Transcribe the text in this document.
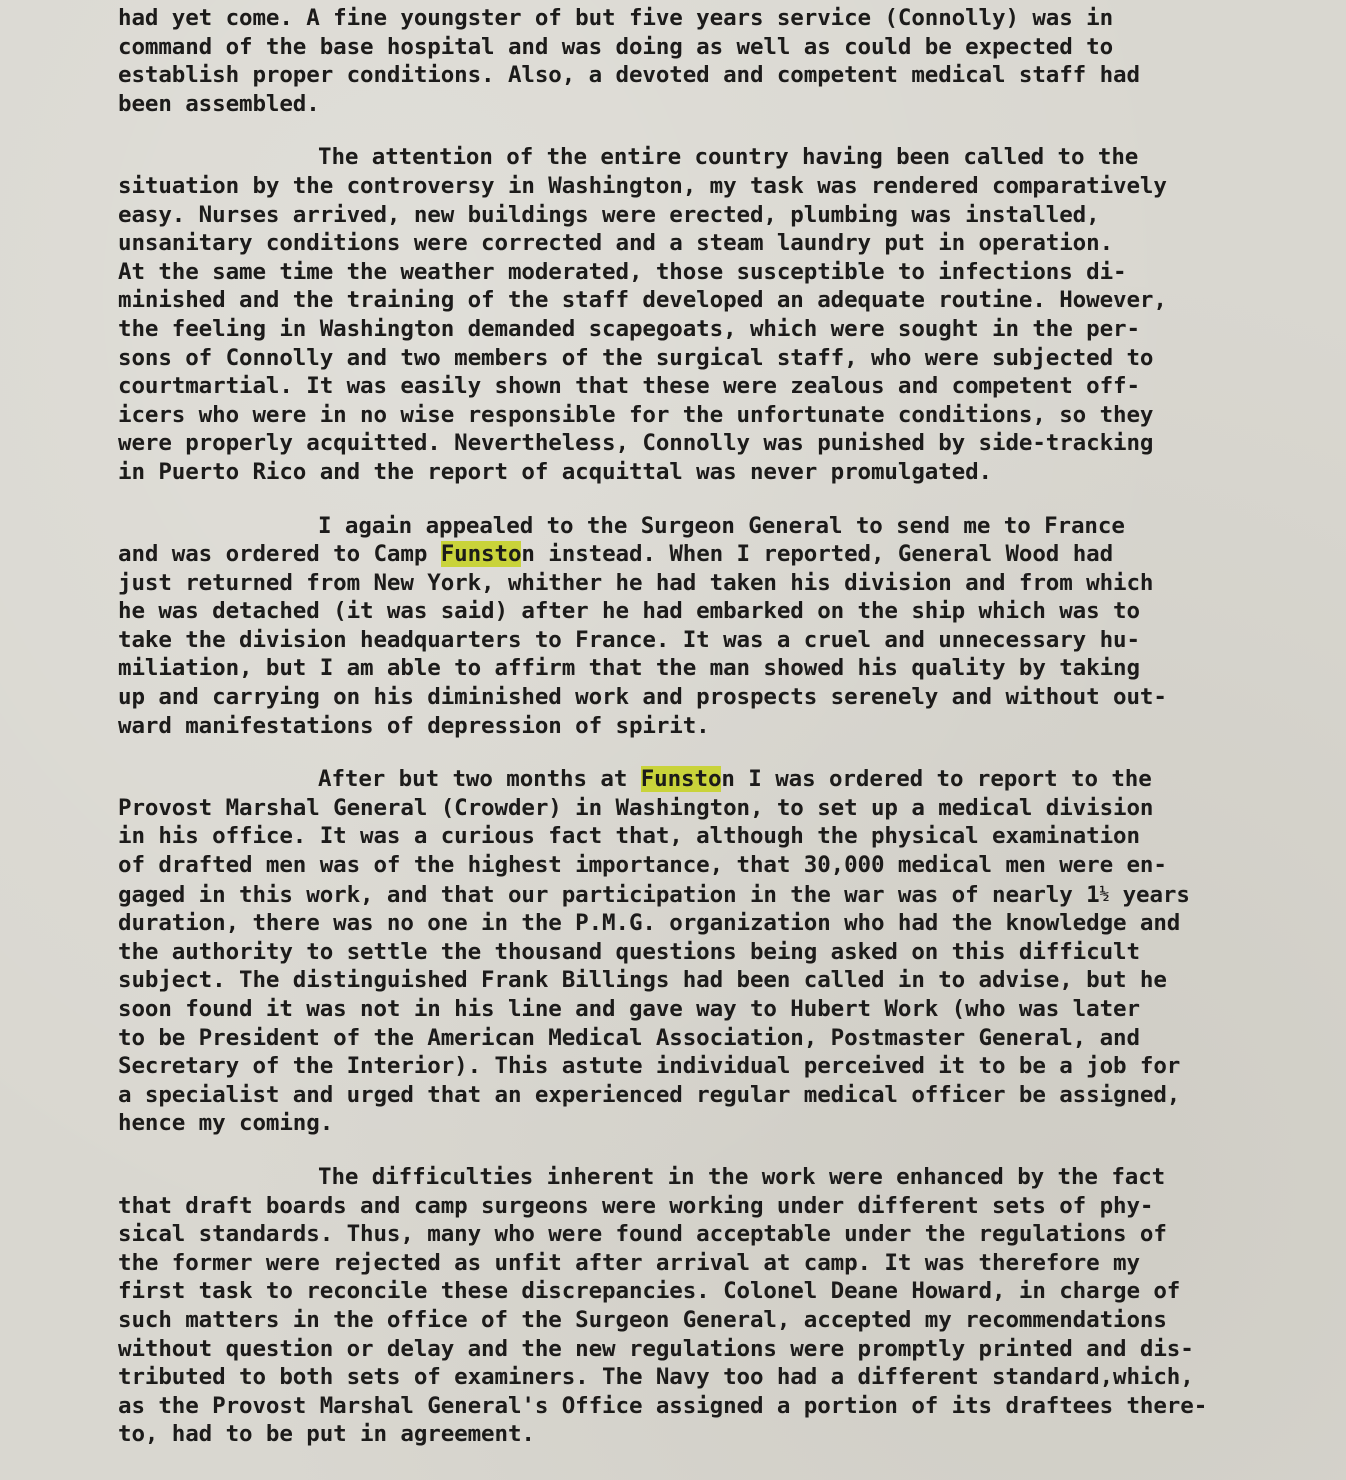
had yet come. A fine youngster of but five years service (Connolly) was in
command of the base hospital and was doing as well as could be expected to
establish proper conditions. Also, a devoted and competent medical staff had
been assembled.
The attention of the entire country having been called to the
situation by the controversy in Washington, my task was rendered comparatively
easy. Nurses arrived, new buildings were erected, plumbing was installed,
unsanitary conditions were corrected and a steam laundry put in operation.
At the same time the weather moderated, those susceptible to infections di-
minished and the training of the staff developed an adequate routine. However,
the feeling in Washington demanded scapegoats, which were sought in the per-
sons of Connolly and two members of the surgical staff, who were subjected to
courtmartial. It was easily shown that these were zealous and competent off-
icers who were in no wise responsible for the unfortunate conditions, so they
were properly acquitted. Nevertheless, Connolly was punished by side-tracking
in Puerto Rico and the report of acquittal was never promulgated.
I again appealed to the Surgeon General to send me to France
and was ordered to Camp Funston instead. When I reported, General Wood had
just returned from New York, whither he had taken his division and from which
he was detached (it was said) after he had embarked on the ship which was to
take the division headquarters to France. It was a cruel and unnecessary hu-
miliation, but I am able to affirm that the man showed his quality by taking
up and carrying on his diminished work and prospects serenely and without out-
ward manifestations of depression of spirit.
After but two months at Funston I was ordered to report to the
Provost Marshal General (Crowder) in Washington, to set up a medical division
in his office. It was a curious fact that, although the physical examination
of drafted men was of the highest importance, that 30,000 medical men were en-
gaged in this work, and that our participation in the war was of nearly 1½ years
duration, there was no one in the P.M.G. organization who had the knowledge and
the authority to settle the thousand questions being asked on this difficult
subject. The distinguished Frank Billings had been called in to advise, but he
soon found it was not in his line and gave way to Hubert Work (who was later
to be President of the American Medical Association, Postmaster General, and
Secretary of the Interior). This astute individual perceived it to be a job for
a specialist and urged that an experienced regular medical officer be assigned,
hence my coming.
The difficulties inherent in the work were enhanced by the fact
that draft boards and camp surgeons were working under different sets of phy-
sical standards. Thus, many who were found acceptable under the regulations of
the former were rejected as unfit after arrival at camp. It was therefore my
first task to reconcile these discrepancies. Colonel Deane Howard, in charge of
such matters in the office of the Surgeon General, accepted my recommendations
without question or delay and the new regulations were promptly printed and dis-
tributed to both sets of examiners. The Navy too had a different standard,which,
as the Provost Marshal General's Office assigned a portion of its draftees there-
to, had to be put in agreement.
